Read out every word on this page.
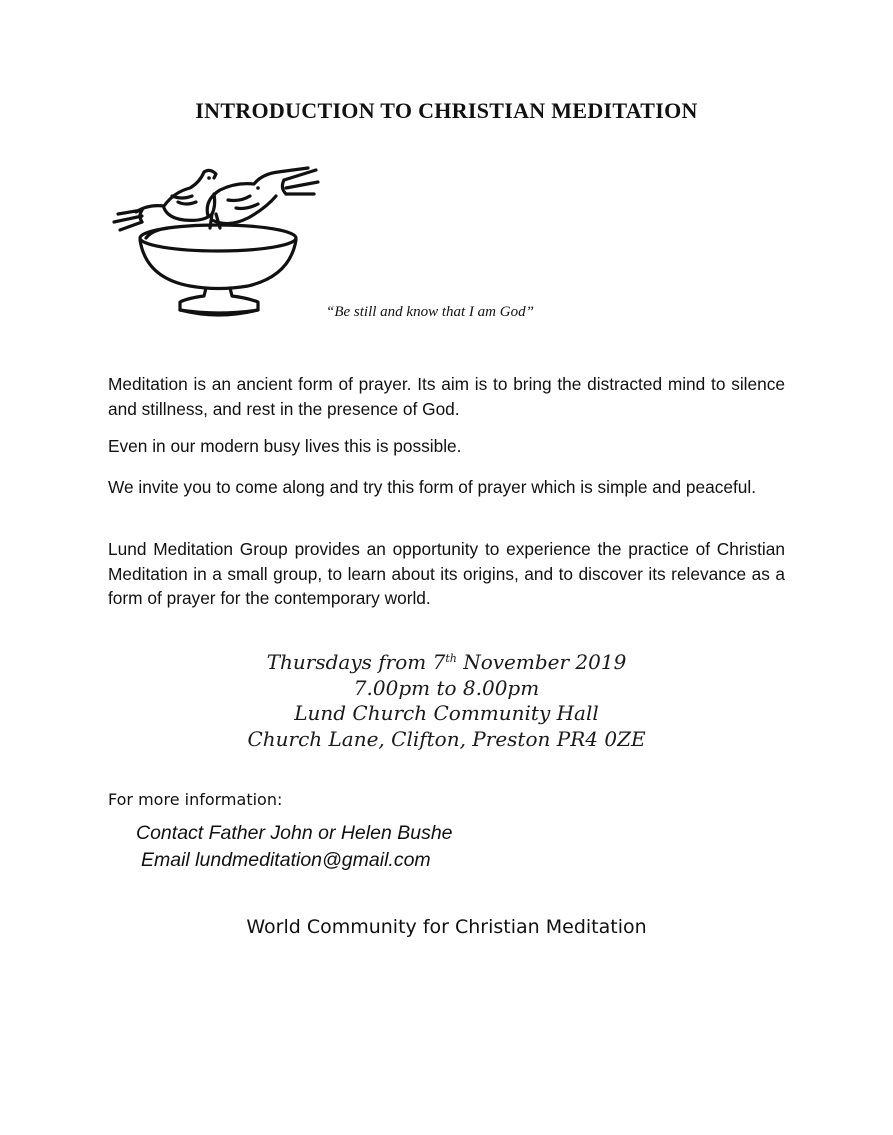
INTRODUCTION TO CHRISTIAN MEDITATION
“Be still and know that I am God”

Meditation is an ancient form of prayer. Its aim is to bring the distracted mind to silence and stillness, and rest in the presence of God.

Even in our modern busy lives this is possible.

We invite you to come along and try this form of prayer which is simple and peaceful.

Lund Meditation Group provides an opportunity to experience the practice of Christian Meditation in a small group, to learn about its origins, and to discover its relevance as a form of prayer for the contemporary world.

Thursdays from 7th November 2019
7.00pm to 8.00pm
Lund Church Community Hall
Church Lane, Clifton, Preston PR4 0ZE
For more information:
Contact Father John or Helen Bushe
Email lundmeditation@gmail.com
World Community for Christian Meditation
